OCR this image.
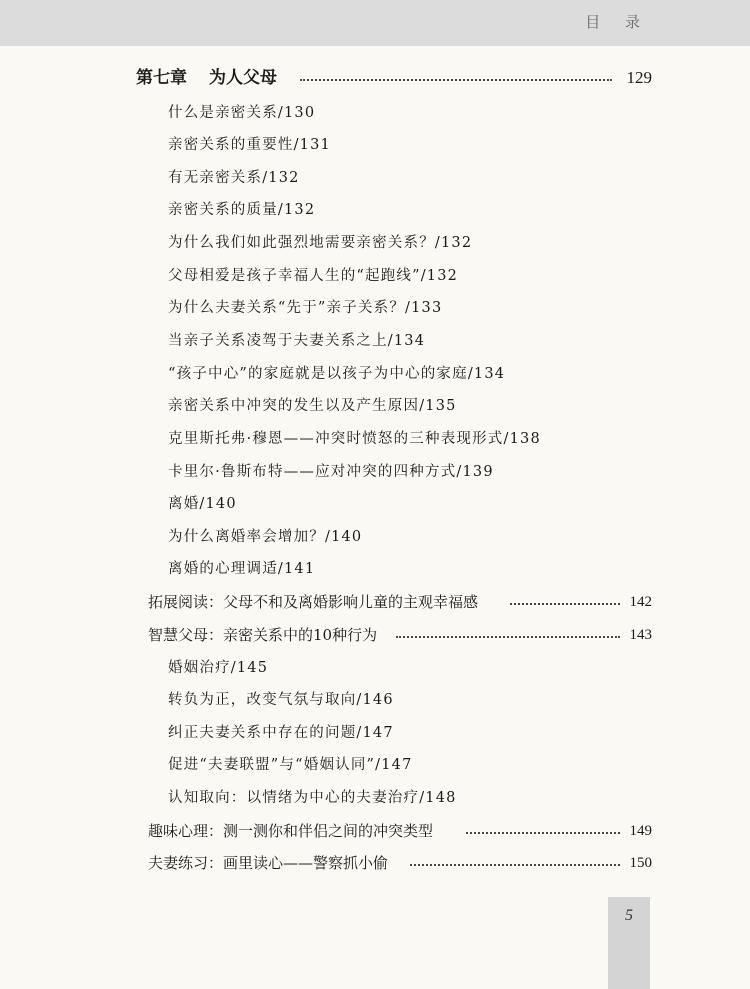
目 录
第七章 为人父母	129
什么是亲密关系/130
亲密关系的重要性/131
有无亲密关系/132
亲密关系的质量/132
为什么我们如此强烈地需要亲密关系？/132
父母相爱是孩子幸福人生的“起跑线”/132
为什么夫妻关系“先于”亲子关系？/133
当亲子关系凌驾于夫妻关系之上/134
“孩子中心”的家庭就是以孩子为中心的家庭/134
亲密关系中冲突的发生以及产生原因/135
克里斯托弗·穆恩——冲突时愤怒的三种表现形式/138
卡里尔·鲁斯布特——应对冲突的四种方式/139
离婚/140
为什么离婚率会增加？/140
离婚的心理调适/141
拓展阅读：父母不和及离婚影响儿童的主观幸福感	142
智慧父母：亲密关系中的10种行为	143
婚姻治疗/145
转负为正，改变气氛与取向/146
纠正夫妻关系中存在的问题/147
促进“夫妻联盟”与“婚姻认同”/147
认知取向：以情绪为中心的夫妻治疗/148
趣味心理：测一测你和伴侣之间的冲突类型	149
夫妻练习：画里读心——警察抓小偷	150
5
